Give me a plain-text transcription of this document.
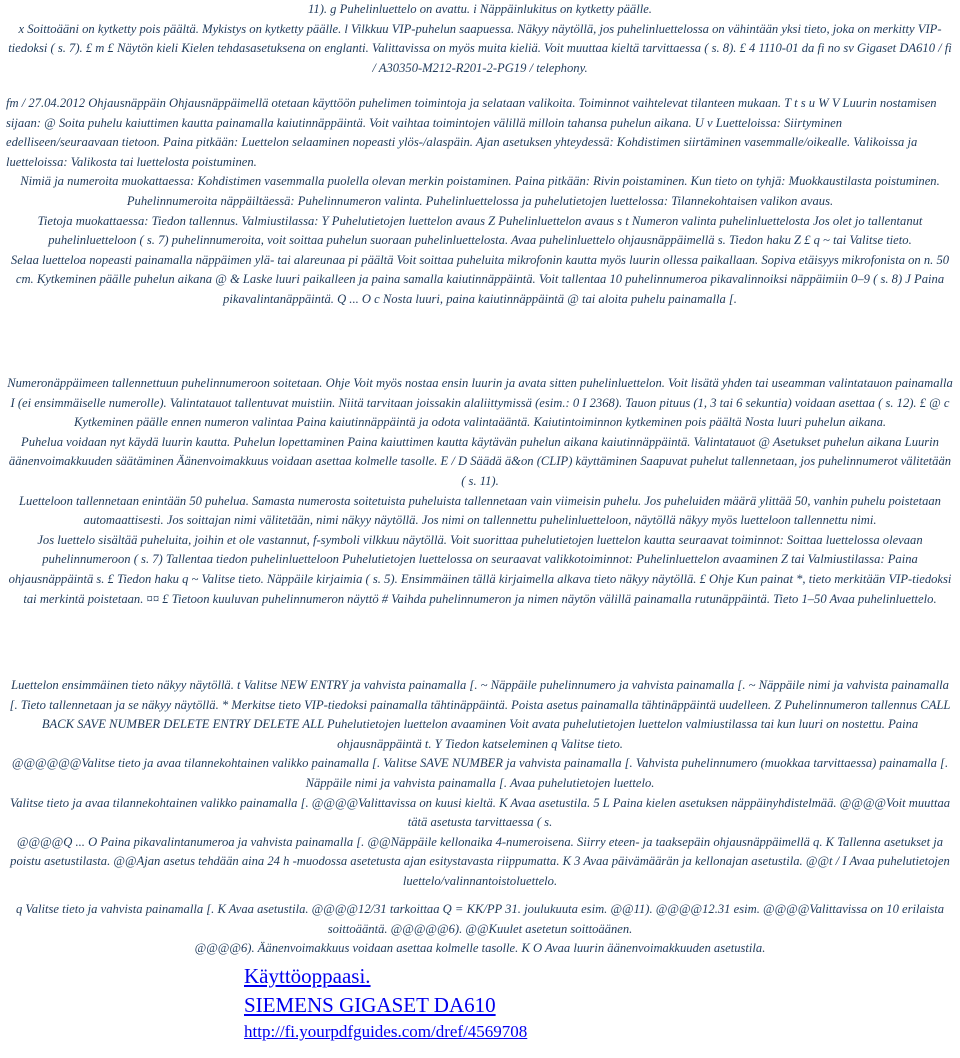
11). g Puhelinluettelo on avattu. i Näppäinlukitus on kytketty päälle.

x Soittoääni on kytketty pois päältä. Mykistys on kytketty päälle. l Vilkkuu VIP-puhelun saapuessa. Näkyy näytöllä, jos puhelinluettelossa on vähintään yksi tieto, joka on merkitty VIP-tiedoksi ( s. 7). £ m £ Näytön kieli Kielen tehdasasetuksena on englanti. Valittavissa on myös muita kieliä. Voit muuttaa kieltä tarvittaessa ( s. 8). £ 4 1110-01 da fi no sv Gigaset DA610 / fi / A30350-M212-R201-2-PG19 / telephony.

fm / 27.04.2012 Ohjausnäppäin Ohjausnäppäimellä otetaan käyttöön puhelimen toimintoja ja selataan valikoita. Toiminnot vaihtelevat tilanteen mukaan. T t s u W V Luurin nostamisen sijaan: @ Soita puhelu kaiuttimen kautta painamalla kaiutinnäppäintä. Voit vaihtaa toimintojen välillä milloin tahansa puhelun aikana. U v Luetteloissa: Siirtyminen edelliseen/seuraavaan tietoon. Paina pitkään: Luettelon selaaminen nopeasti ylös-/alaspäin. Ajan asetuksen yhteydessä: Kohdistimen siirtäminen vasemmalle/oikealle. Valikoissa ja luetteloissa: Valikosta tai luettelosta poistuminen.

Nimiä ja numeroita muokattaessa: Kohdistimen vasemmalla puolella olevan merkin poistaminen. Paina pitkään: Rivin poistaminen. Kun tieto on tyhjä: Muokkaustilasta poistuminen. Puhelinnumeroita näppäiltäessä: Puhelinnumeron valinta. Puhelinluettelossa ja puhelutietojen luettelossa: Tilannekohtaisen valikon avaus.

Tietoja muokattaessa: Tiedon tallennus. Valmiustilassa: Y Puhelutietojen luettelon avaus Z Puhelinluettelon avaus s t Numeron valinta puhelinluettelosta Jos olet jo tallentanut puhelinluetteloon ( s. 7) puhelinnumeroita, voit soittaa puhelun suoraan puhelinluettelosta. Avaa puhelinluettelo ohjausnäppäimellä s. Tiedon haku Z £ q ~ tai Valitse tieto.

Selaa luetteloa nopeasti painamalla näppäimen ylä- tai alareunaa pi päältä Voit soittaa puheluita mikrofonin kautta myös luurin ollessa paikallaan. Sopiva etäisyys mikrofonista on n. 50 cm. Kytkeminen päälle puhelun aikana @ & Laske luuri paikalleen ja paina samalla kaiutinnäppäintä. Voit tallentaa 10 puhelinnumeroa pikavalinnoiksi näppäimiin 0–9 ( s. 8) J Paina pikavalintanäppäintä. Q ... O c Nosta luuri, paina kaiutinnäppäintä @ tai aloita puhelu painamalla [.

Numeronäppäimeen tallennettuun puhelinnumeroon soitetaan. Ohje Voit myös nostaa ensin luurin ja avata sitten puhelinluettelon. Voit lisätä yhden tai useamman valintatauon painamalla I (ei ensimmäiselle numerolle). Valintatauot tallentuvat muistiin. Niitä tarvitaan joissakin alaliittymissä (esim.: 0 I 2368). Tauon pituus (1, 3 tai 6 sekuntia) voidaan asettaa ( s. 12). £ @ c Kytkeminen päälle ennen numeron valintaa Paina kaiutinnäppäintä ja odota valintaääntä. Kaiutintoiminnon kytkeminen pois päältä Nosta luuri puhelun aikana.

Puhelua voidaan nyt käydä luurin kautta. Puhelun lopettaminen Paina kaiuttimen kautta käytävän puhelun aikana kaiutinnäppäintä. Valintatauot @ Asetukset puhelun aikana Luurin äänenvoimakkuuden säätäminen Äänenvoimakkuus voidaan asettaa kolmelle tasolle. E / D Säädä ä&on (CLIP) käyttäminen Saapuvat puhelut tallennetaan, jos puhelinnumerot välitetään ( s. 11).

Luetteloon tallennetaan enintään 50 puhelua. Samasta numerosta soitetuista puheluista tallennetaan vain viimeisin puhelu. Jos puheluiden määrä ylittää 50, vanhin puhelu poistetaan automaattisesti. Jos soittajan nimi välitetään, nimi näkyy näytöllä. Jos nimi on tallennettu puhelinluetteloon, näytöllä näkyy myös luetteloon tallennettu nimi.

Jos luettelo sisältää puheluita, joihin et ole vastannut, f-symboli vilkkuu näytöllä. Voit suorittaa puhelutietojen luettelon kautta seuraavat toiminnot: Soittaa luettelossa olevaan puhelinnumeroon ( s. 7) Tallentaa tiedon puhelinluetteloon Puhelutietojen luettelossa on seuraavat valikkotoiminnot: Puhelinluettelon avaaminen Z tai Valmiustilassa: Paina ohjausnäppäintä s. £ Tiedon haku q ~ Valitse tieto. Näppäile kirjaimia ( s. 5). Ensimmäinen tällä kirjaimella alkava tieto näkyy näytöllä. £ Ohje Kun painat *, tieto merkitään VIP-tiedoksi tai merkintä poistetaan. ¤¤ £ Tietoon kuuluvan puhelinnumeron näyttö # Vaihda puhelinnumeron ja nimen näytön välillä painamalla rutunäppäintä. Tieto 1–50 Avaa puhelinluettelo.

Luettelon ensimmäinen tieto näkyy näytöllä. t Valitse NEW ENTRY ja vahvista painamalla [. ~ Näppäile puhelinnumero ja vahvista painamalla [. ~ Näppäile nimi ja vahvista painamalla [. Tieto tallennetaan ja se näkyy näytöllä. * Merkitse tieto VIP-tiedoksi painamalla tähtinäppäintä. Poista asetus painamalla tähtinäppäintä uudelleen. Z Puhelinnumeron tallennus CALL BACK SAVE NUMBER DELETE ENTRY DELETE ALL Puhelutietojen luettelon avaaminen Voit avata puhelutietojen luettelon valmiustilassa tai kun luuri on nostettu. Paina ohjausnäppäintä t. Y Tiedon katseleminen q Valitse tieto.

@@@@@@Valitse tieto ja avaa tilannekohtainen valikko painamalla [. Valitse SAVE NUMBER ja vahvista painamalla [. Vahvista puhelinnumero (muokkaa tarvittaessa) painamalla [. Näppäile nimi ja vahvista painamalla [. Avaa puhelutietojen luettelo.

Valitse tieto ja avaa tilannekohtainen valikko painamalla [. @@@@Valittavissa on kuusi kieltä. K Avaa asetustila. 5 L Paina kielen asetuksen näppäinyhdistelmää. @@@@Voit muuttaa tätä asetusta tarvittaessa ( s.

@@@@Q ... O Paina pikavalintanumeroa ja vahvista painamalla [. @@Näppäile kellonaika 4-numeroisena. Siirry eteen- ja taaksepäin ohjausnäppäimellä q. K Tallenna asetukset ja poistu asetustilasta. @@Ajan asetus tehdään aina 24 h -muodossa asetetusta ajan esitystavasta riippumatta. K 3 Avaa päivämäärän ja kellonajan asetustila. @@t / I Avaa puhelutietojen luettelo/valinnantoistoluettelo.

q Valitse tieto ja vahvista painamalla [. K Avaa asetustila. @@@@12/31 tarkoittaa Q = KK/PP 31. joulukuuta esim. @@11). @@@@12.31 esim. @@@@Valittavissa on 10 erilaista soittoääntä. @@@@@6). @@Kuulet asetetun soittoäänen.

@@@@6). Äänenvoimakkuus voidaan asettaa kolmelle tasolle. K O Avaa luurin äänenvoimakkuuden asetustila.

Käyttöoppaasi.
SIEMENS GIGASET DA610
http://fi.yourpdfguides.com/dref/4569708
